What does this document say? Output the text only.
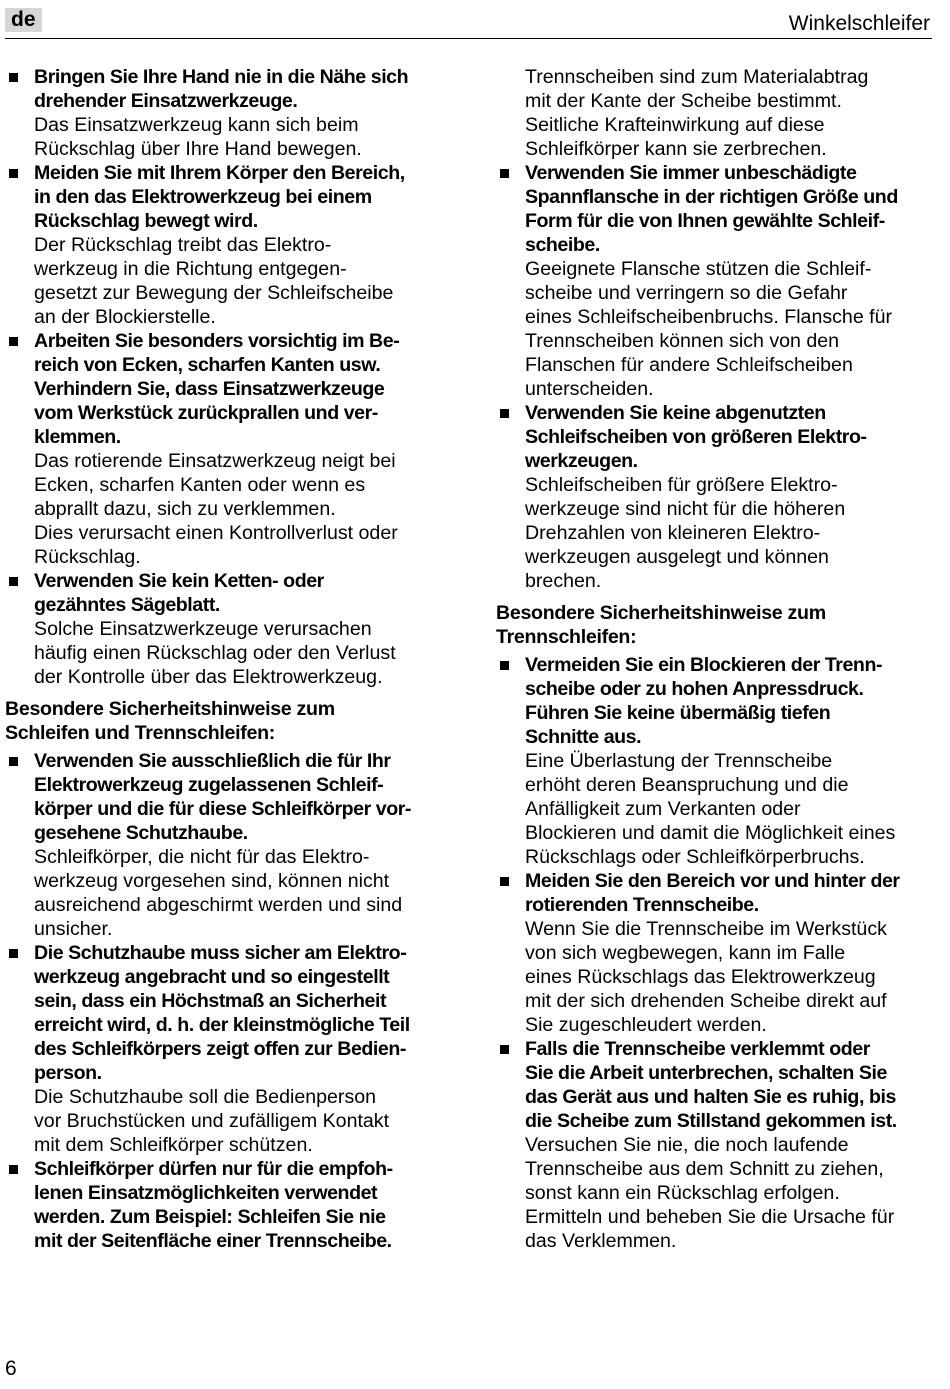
de	Winkelschleifer
Bringen Sie Ihre Hand nie in die Nähe sich
drehender Einsatzwerkzeuge.
Das Einsatzwerkzeug kann sich beim
Rückschlag über Ihre Hand bewegen.
Meiden Sie mit Ihrem Körper den Bereich,
in den das Elektrowerkzeug bei einem
Rückschlag bewegt wird.
Der Rückschlag treibt das Elektro-
werkzeug in die Richtung entgegen-
gesetzt zur Bewegung der Schleifscheibe
an der Blockierstelle.
Arbeiten Sie besonders vorsichtig im Be-
reich von Ecken, scharfen Kanten usw.
Verhindern Sie, dass Einsatzwerkzeuge
vom Werkstück zurückprallen und ver-
klemmen.
Das rotierende Einsatzwerkzeug neigt bei
Ecken, scharfen Kanten oder wenn es
abprallt dazu, sich zu verklemmen.
Dies verursacht einen Kontrollverlust oder
Rückschlag.
Verwenden Sie kein Ketten- oder
gezähntes Sägeblatt.
Solche Einsatzwerkzeuge verursachen
häufig einen Rückschlag oder den Verlust
der Kontrolle über das Elektrowerkzeug.
Besondere Sicherheitshinweise zum
Schleifen und Trennschleifen:
Verwenden Sie ausschließlich die für Ihr
Elektrowerkzeug zugelassenen Schleif-
körper und die für diese Schleifkörper vor-
gesehene Schutzhaube.
Schleifkörper, die nicht für das Elektro-
werkzeug vorgesehen sind, können nicht
ausreichend abgeschirmt werden und sind
unsicher.
Die Schutzhaube muss sicher am Elektro-
werkzeug angebracht und so eingestellt
sein, dass ein Höchstmaß an Sicherheit
erreicht wird, d. h. der kleinstmögliche Teil
des Schleifkörpers zeigt offen zur Bedien-
person.
Die Schutzhaube soll die Bedienperson
vor Bruchstücken und zufälligem Kontakt
mit dem Schleifkörper schützen.
Schleifkörper dürfen nur für die empfoh-
lenen Einsatzmöglichkeiten verwendet
werden. Zum Beispiel: Schleifen Sie nie
mit der Seitenfläche einer Trennscheibe.
Trennscheiben sind zum Materialabtrag
mit der Kante der Scheibe bestimmt.
Seitliche Krafteinwirkung auf diese
Schleifkörper kann sie zerbrechen.
Verwenden Sie immer unbeschädigte
Spannflansche in der richtigen Größe und
Form für die von Ihnen gewählte Schleif-
scheibe.
Geeignete Flansche stützen die Schleif-
scheibe und verringern so die Gefahr
eines Schleifscheibenbruchs. Flansche für
Trennscheiben können sich von den
Flanschen für andere Schleifscheiben
unterscheiden.
Verwenden Sie keine abgenutzten
Schleifscheiben von größeren Elektro-
werkzeugen.
Schleifscheiben für größere Elektro-
werkzeuge sind nicht für die höheren
Drehzahlen von kleineren Elektro-
werkzeugen ausgelegt und können
brechen.
Besondere Sicherheitshinweise zum
Trennschleifen:
Vermeiden Sie ein Blockieren der Trenn-
scheibe oder zu hohen Anpressdruck.
Führen Sie keine übermäßig tiefen
Schnitte aus.
Eine Überlastung der Trennscheibe
erhöht deren Beanspruchung und die
Anfälligkeit zum Verkanten oder
Blockieren und damit die Möglichkeit eines
Rückschlags oder Schleifkörperbruchs.
Meiden Sie den Bereich vor und hinter der
rotierenden Trennscheibe.
Wenn Sie die Trennscheibe im Werkstück
von sich wegbewegen, kann im Falle
eines Rückschlags das Elektrowerkzeug
mit der sich drehenden Scheibe direkt auf
Sie zugeschleudert werden.
Falls die Trennscheibe verklemmt oder
Sie die Arbeit unterbrechen, schalten Sie
das Gerät aus und halten Sie es ruhig, bis
die Scheibe zum Stillstand gekommen ist.
Versuchen Sie nie, die noch laufende
Trennscheibe aus dem Schnitt zu ziehen,
sonst kann ein Rückschlag erfolgen.
Ermitteln und beheben Sie die Ursache für
das Verklemmen.
6
